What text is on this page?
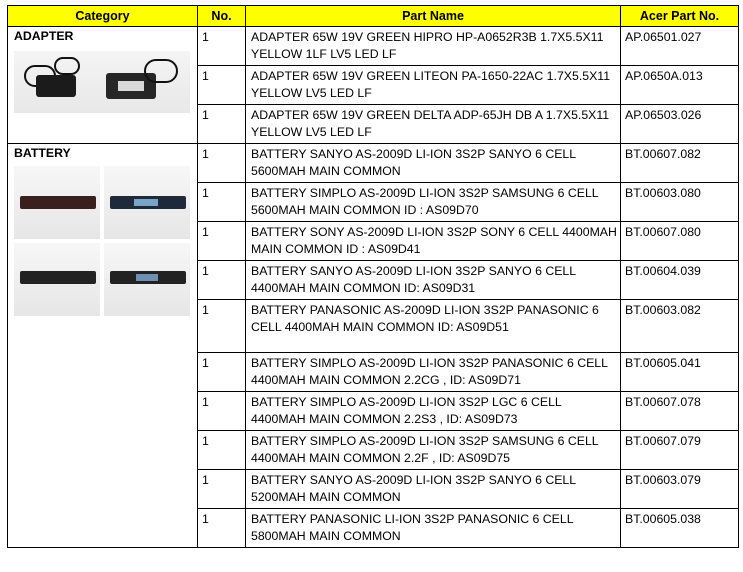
Category	No.	Part Name	Acer Part No.

ADAPTER	1	ADAPTER 65W 19V GREEN HIPRO HP-A0652R3B 1.7X5.5X11 YELLOW 1LF LV5 LED LF	AP.06501.027
	1	ADAPTER 65W 19V GREEN LITEON PA-1650-22AC 1.7X5.5X11 YELLOW LV5 LED LF	AP.0650A.013
	1	ADAPTER 65W 19V GREEN DELTA ADP-65JH DB A 1.7X5.5X11 YELLOW LV5 LED LF	AP.06503.026

BATTERY	1	BATTERY SANYO AS-2009D LI-ION 3S2P SANYO 6 CELL 5600MAH MAIN COMMON	BT.00607.082
	1	BATTERY SIMPLO AS-2009D LI-ION 3S2P SAMSUNG 6 CELL 5600MAH MAIN COMMON ID : AS09D70	BT.00603.080
	1	BATTERY SONY AS-2009D LI-ION 3S2P SONY 6 CELL 4400MAH MAIN COMMON ID : AS09D41	BT.00607.080
	1	BATTERY SANYO AS-2009D LI-ION 3S2P SANYO 6 CELL 4400MAH MAIN COMMON ID: AS09D31	BT.00604.039
	1	BATTERY PANASONIC AS-2009D LI-ION 3S2P PANASONIC 6 CELL 4400MAH MAIN COMMON ID: AS09D51	BT.00603.082
	1	BATTERY SIMPLO AS-2009D LI-ION 3S2P PANASONIC 6 CELL 4400MAH MAIN COMMON 2.2CG , ID: AS09D71	BT.00605.041
	1	BATTERY SIMPLO AS-2009D LI-ION 3S2P LGC 6 CELL 4400MAH MAIN COMMON 2.2S3 , ID: AS09D73	BT.00607.078
	1	BATTERY SIMPLO AS-2009D LI-ION 3S2P SAMSUNG 6 CELL 4400MAH MAIN COMMON 2.2F , ID: AS09D75	BT.00607.079
	1	BATTERY SANYO AS-2009D LI-ION 3S2P SANYO 6 CELL 5200MAH MAIN COMMON	BT.00603.079
	1	BATTERY PANASONIC LI-ION 3S2P PANASONIC 6 CELL 5800MAH MAIN COMMON	BT.00605.038
